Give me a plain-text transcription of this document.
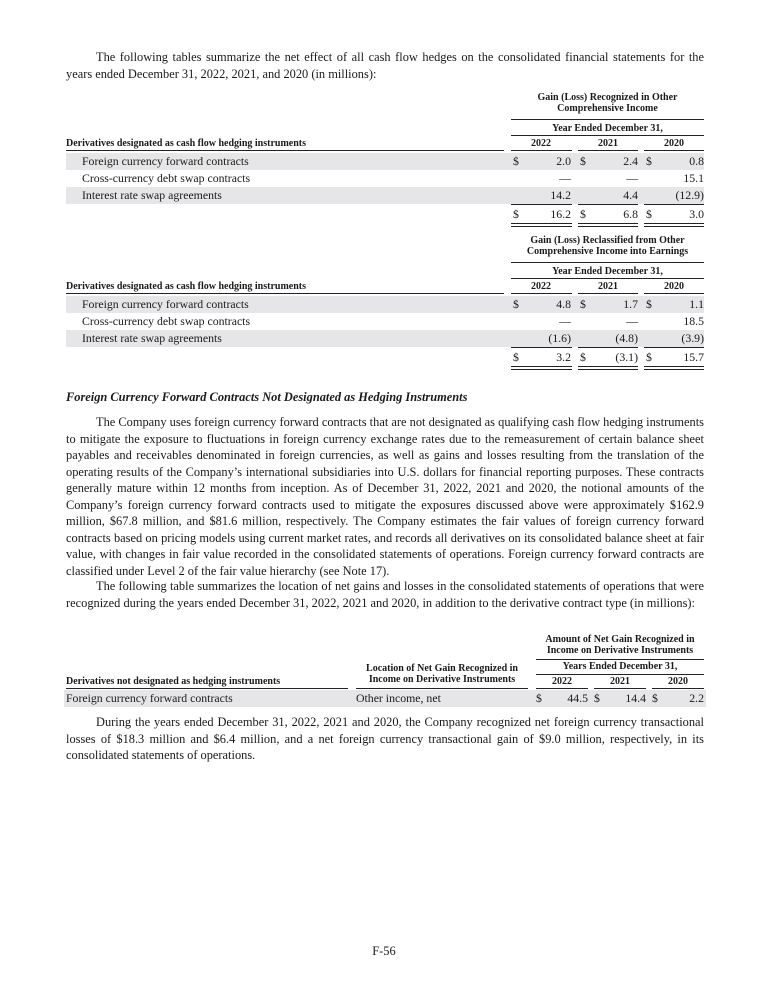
The following tables summarize the net effect of all cash flow hedges on the consolidated financial statements for the years ended December 31, 2022, 2021, and 2020 (in millions):

Gain (Loss) Recognized in Other
Comprehensive Income
Year Ended December 31,
Derivatives designated as cash flow hedging instruments	2022	2021	2020
Foreign currency forward contracts	$	2.0 $	2.4 $	0.8
Cross-currency debt swap contracts	—	—	15.1
Interest rate swap agreements	14.2	4.4	(12.9)
$	16.2 $	6.8 $	3.0
Gain (Loss) Reclassified from Other
Comprehensive Income into Earnings
Year Ended December 31,
Derivatives designated as cash flow hedging instruments	2022	2021	2020
Foreign currency forward contracts	$	4.8 $	1.7 $	1.1
Cross-currency debt swap contracts	—	—	18.5
Interest rate swap agreements	(1.6)	(4.8)	(3.9)
$	3.2 $	(3.1) $	15.7

Foreign Currency Forward Contracts Not Designated as Hedging Instruments

The Company uses foreign currency forward contracts that are not designated as qualifying cash flow hedging instruments to mitigate the exposure to fluctuations in foreign currency exchange rates due to the remeasurement of certain balance sheet payables and receivables denominated in foreign currencies, as well as gains and losses resulting from the translation of the operating results of the Company’s international subsidiaries into U.S. dollars for financial reporting purposes. These contracts generally mature within 12 months from inception. As of December 31, 2022, 2021 and 2020, the notional amounts of the Company’s foreign currency forward contracts used to mitigate the exposures discussed above were approximately $162.9 million, $67.8 million, and $81.6 million, respectively. The Company estimates the fair values of foreign currency forward contracts based on pricing models using current market rates, and records all derivatives on its consolidated balance sheet at fair value, with changes in fair value recorded in the consolidated statements of operations. Foreign currency forward contracts are classified under Level 2 of the fair value hierarchy (see Note 17).

The following table summarizes the location of net gains and losses in the consolidated statements of operations that were recognized during the years ended December 31, 2022, 2021 and 2020, in addition to the derivative contract type (in millions):

Amount of Net Gain Recognized in
Income on Derivative Instruments
Years Ended December 31,
Location of Net Gain Recognized in
Income on Derivative Instruments
Derivatives not designated as hedging instruments	2022	2021	2020
Foreign currency forward contracts	Other income, net	$	44.5 $	14.4 $	2.2

During the years ended December 31, 2022, 2021 and 2020, the Company recognized net foreign currency transactional losses of $18.3 million and $6.4 million, and a net foreign currency transactional gain of $9.0 million, respectively, in its consolidated statements of operations.

F-56
